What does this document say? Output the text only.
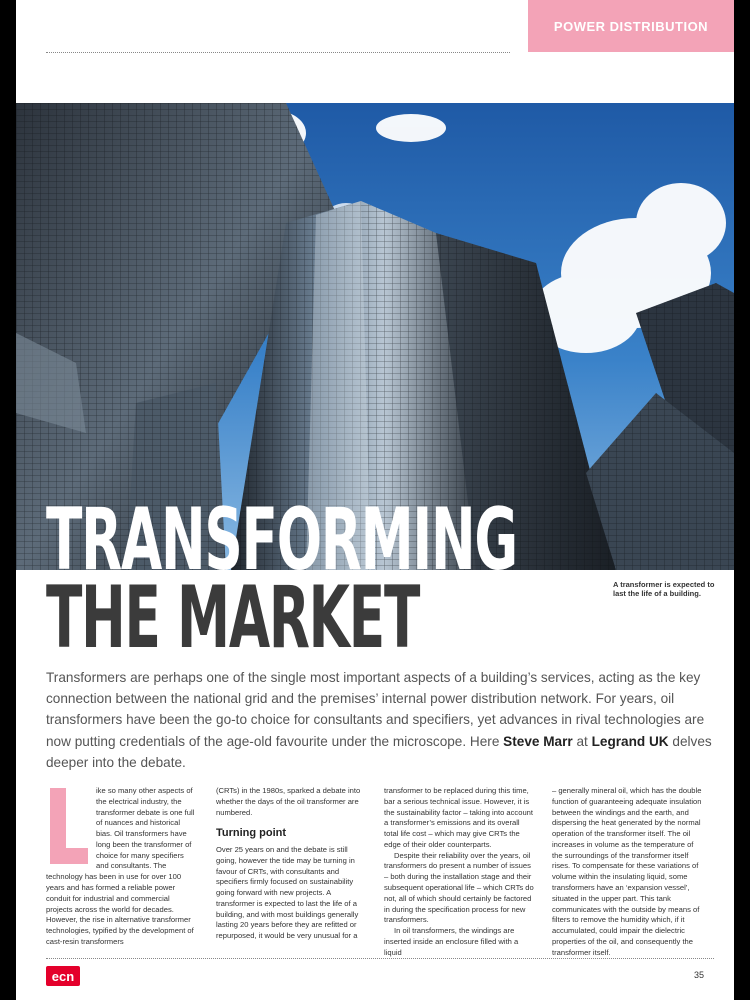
POWER DISTRIBUTION
TRANSFORMING
THE MARKET	A transformer is expected to last the life of a building.
Transformers are perhaps one of the single most important aspects of a building’s services, acting as the key connection between the national grid and the premises’ internal power distribution network. For years, oil transformers have been the go-to choice for consultants and specifiers, yet advances in rival technologies are now putting credentials of the age-old favourite under the microscope. Here Steve Marr at Legrand UK delves deeper into the debate.

ike so many other aspects of the electrical industry, the transformer debate is one full of nuances and historical bias. Oil transformers have long been the transformer of choice for many specifiers and consultants. The technology has been in use for over 100 years and has formed a reliable power conduit for industrial and commercial projects across the world for decades. However, the rise in alternative transformer technologies, typified by the development of cast-resin transformers

(CRTs) in the 1980s, sparked a debate into whether the days of the oil transformer are numbered.

Turning point

Over 25 years on and the debate is still going, however the tide may be turning in favour of CRTs, with consultants and specifiers firmly focused on sustainability going forward with new projects. A transformer is expected to last the life of a building, and with most buildings generally lasting 20 years before they are refitted or repurposed, it would be very unusual for a

transformer to be replaced during this time, bar a serious technical issue. However, it is the sustainability factor – taking into account a transformer’s emissions and its overall total life cost – which may give CRTs the edge of their older counterparts.

Despite their reliability over the years, oil transformers do present a number of issues – both during the installation stage and their subsequent operational life – which CRTs do not, all of which should certainly be factored in during the specification process for new transformers.

In oil transformers, the windings are inserted inside an enclosure filled with a liquid

– generally mineral oil, which has the double function of guaranteeing adequate insulation between the windings and the earth, and dispersing the heat generated by the normal operation of the transformer itself. The oil increases in volume as the temperature of the surroundings of the transformer itself rises. To compensate for these variations of volume within the insulating liquid, some transformers have an ‘expansion vessel’, situated in the upper part. This tank communicates with the outside by means of filters to remove the humidity which, if it accumulated, could impair the dielectric properties of the oil, and consequently the transformer itself.

ecn	35
